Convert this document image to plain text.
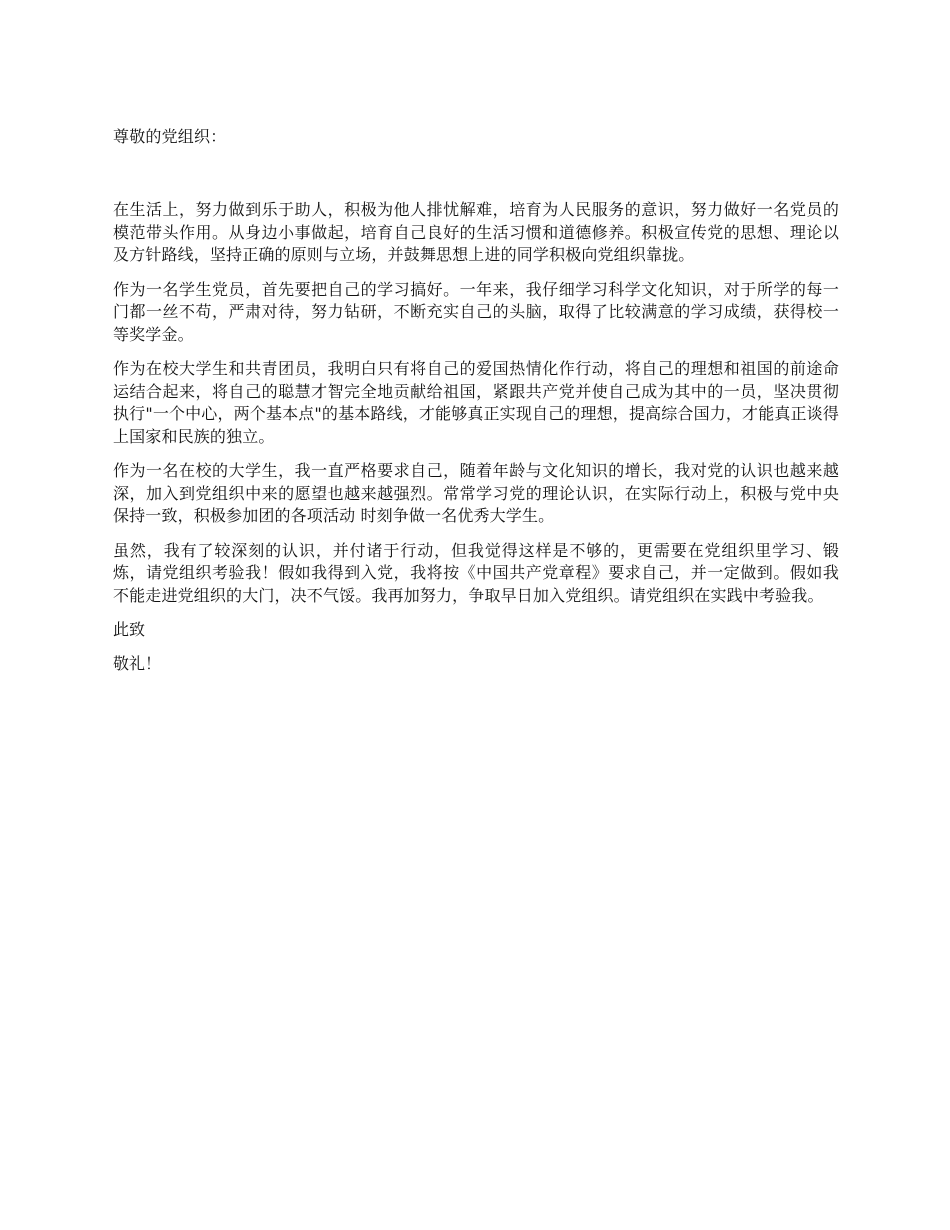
尊敬的党组织：

在生活上，努力做到乐于助人，积极为他人排忧解难，培育为人民服务的意识，努力做好一名党员的模范带头作用。从身边小事做起，培育自己良好的生活习惯和道德修养。积极宣传党的思想、理论以及方针路线，坚持正确的原则与立场，并鼓舞思想上进的同学积极向党组织靠拢。

作为一名学生党员，首先要把自己的学习搞好。一年来，我仔细学习科学文化知识，对于所学的每一门都一丝不苟，严肃对待，努力钻研，不断充实自己的头脑，取得了比较满意的学习成绩，获得校一等奖学金。

作为在校大学生和共青团员，我明白只有将自己的爱国热情化作行动，将自己的理想和祖国的前途命运结合起来，将自己的聪慧才智完全地贡献给祖国，紧跟共产党并使自己成为其中的一员，坚决贯彻执行"一个中心，两个基本点"的基本路线，才能够真正实现自己的理想，提高综合国力，才能真正谈得上国家和民族的独立。

作为一名在校的大学生，我一直严格要求自己，随着年龄与文化知识的增长，我对党的认识也越来越深，加入到党组织中来的愿望也越来越强烈。常常学习党的理论认识，在实际行动上，积极与党中央保持一致，积极参加团的各项活动 时刻争做一名优秀大学生。

虽然，我有了较深刻的认识，并付诸于行动，但我觉得这样是不够的，更需要在党组织里学习、锻炼，请党组织考验我！假如我得到入党，我将按《中国共产党章程》要求自己，并一定做到。假如我不能走进党组织的大门，决不气馁。我再加努力，争取早日加入党组织。请党组织在实践中考验我。

此致

敬礼！
